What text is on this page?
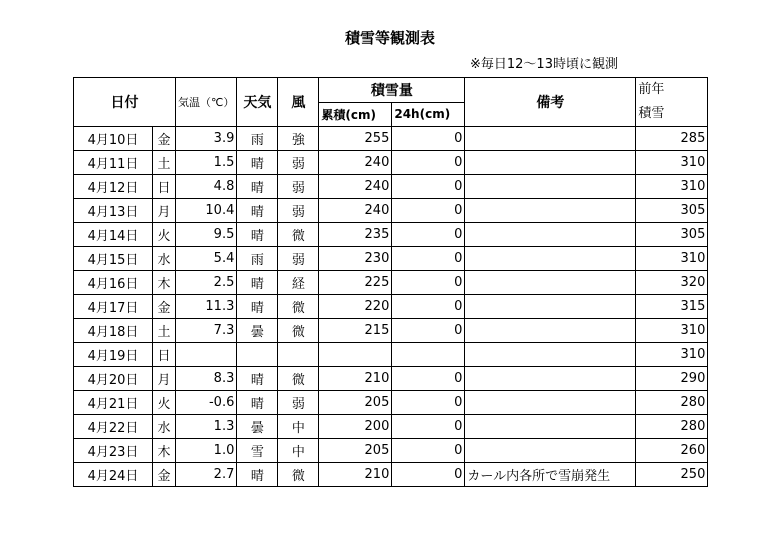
積雪等観測表
※毎日12～13時頃に観測
日付		気温（℃）	天気	風	積雪量		備考	前年
積雪
					累積(cm)	24h(cm)		
4月10日	金	3.9	雨	強	255	0		285
4月11日	土	1.5	晴	弱	240	0		310
4月12日	日	4.8	晴	弱	240	0		310
4月13日	月	10.4	晴	弱	240	0		305
4月14日	火	9.5	晴	微	235	0		305
4月15日	水	5.4	雨	弱	230	0		310
4月16日	木	2.5	晴	経	225	0		320
4月17日	金	11.3	晴	微	220	0		315
4月18日	土	7.3	曇	微	215	0		310
4月19日	日							310
4月20日	月	8.3	晴	微	210	0		290
4月21日	火	-0.6	晴	弱	205	0		280
4月22日	水	1.3	曇	中	200	0		280
4月23日	木	1.0	雪	中	205	0		260
4月24日	金	2.7	晴	微	210	0	カール内各所で雪崩発生	250
